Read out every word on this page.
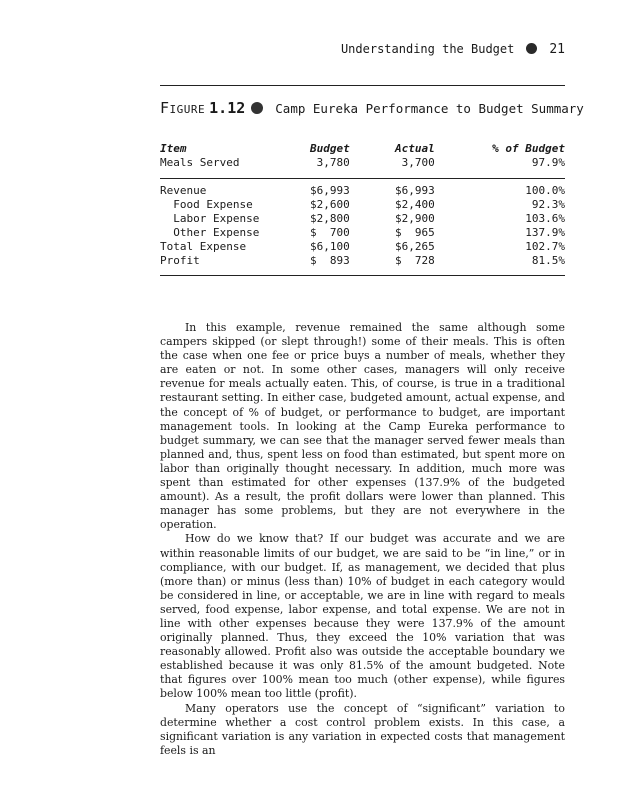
Understanding the Budget	21
FIGURE 1.12 Camp Eureka Performance to Budget Summary
Item	Budget	Actual	% of Budget
Meals Served	3,780	3,700	97.9%

Revenue	$6,993	$6,993	100.0%
Food Expense	$2,600	$2,400	92.3%
Labor Expense	$2,800	$2,900	103.6%
Other Expense	$  700	$  965	137.9%
Total Expense	$6,100	$6,265	102.7%
Profit	$  893	$  728	81.5%

In this example, revenue remained the same although some campers skipped (or slept through!) some of their meals. This is often the case when one fee or price buys a number of meals, whether they are eaten or not. In some other cases, managers will only receive revenue for meals actually eaten. This, of course, is true in a traditional restaurant setting. In either case, budgeted amount, actual expense, and the concept of % of budget, or performance to budget, are important management tools. In looking at the Camp Eureka performance to budget summary, we can see that the manager served fewer meals than planned and, thus, spent less on food than estimated, but spent more on labor than originally thought necessary. In addition, much more was spent than estimated for other expenses (137.9% of the budgeted amount). As a result, the profit dollars were lower than planned. This manager has some problems, but they are not everywhere in the operation.

How do we know that? If our budget was accurate and we are within reasonable limits of our budget, we are said to be “in line,” or in compliance, with our budget. If, as management, we decided that plus (more than) or minus (less than) 10% of budget in each category would be considered in line, or acceptable, we are in line with regard to meals served, food expense, labor expense, and total expense. We are not in line with other expenses because they were 137.9% of the amount originally planned. Thus, they exceed the 10% variation that was reasonably allowed. Profit also was outside the acceptable boundary we established because it was only 81.5% of the amount budgeted. Note that figures over 100% mean too much (other expense), while figures below 100% mean too little (profit).

Many operators use the concept of “significant” variation to determine whether a cost control problem exists. In this case, a significant variation is any variation in expected costs that management feels is an
